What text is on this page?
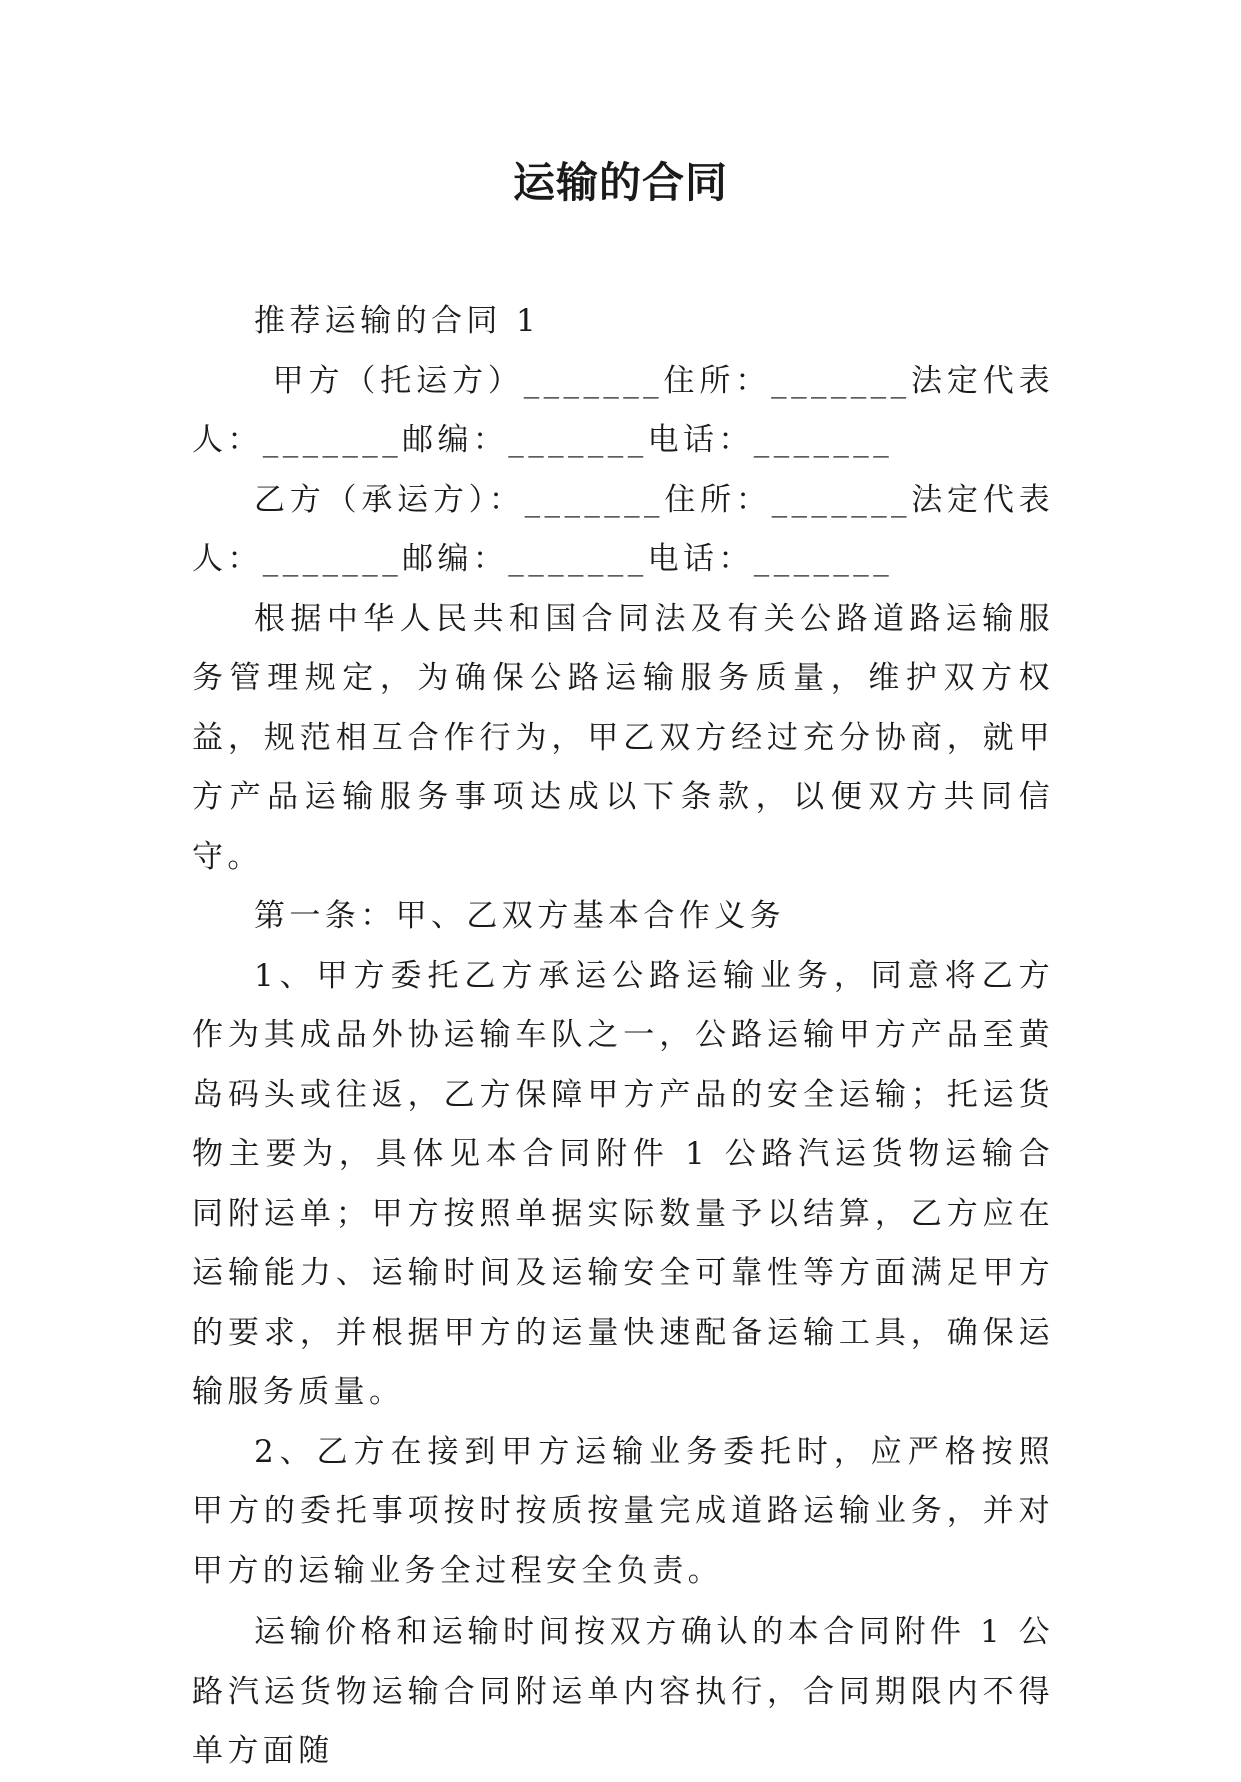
运输的合同

推荐运输的合同 1

甲方（托运方）_______住所：_______法定代表人：_______邮编：_______电话：_______

乙方（承运方）：_______住所：_______法定代表人：_______邮编：_______电话：_______

根据中华人民共和国合同法及有关公路道路运输服务管理规定，为确保公路运输服务质量，维护双方权益，规范相互合作行为，甲乙双方经过充分协商，就甲方产品运输服务事项达成以下条款，以便双方共同信守。

第一条：甲、乙双方基本合作义务

1、甲方委托乙方承运公路运输业务，同意将乙方作为其成品外协运输车队之一，公路运输甲方产品至黄岛码头或往返，乙方保障甲方产品的安全运输；托运货物主要为，具体见本合同附件 1 公路汽运货物运输合同附运单；甲方按照单据实际数量予以结算，乙方应在运输能力、运输时间及运输安全可靠性等方面满足甲方的要求，并根据甲方的运量快速配备运输工具，确保运输服务质量。

2、乙方在接到甲方运输业务委托时，应严格按照甲方的委托事项按时按质按量完成道路运输业务，并对甲方的运输业务全过程安全负责。

运输价格和运输时间按双方确认的本合同附件 1 公路汽运货物运输合同附运单内容执行，合同期限内不得单方面随
